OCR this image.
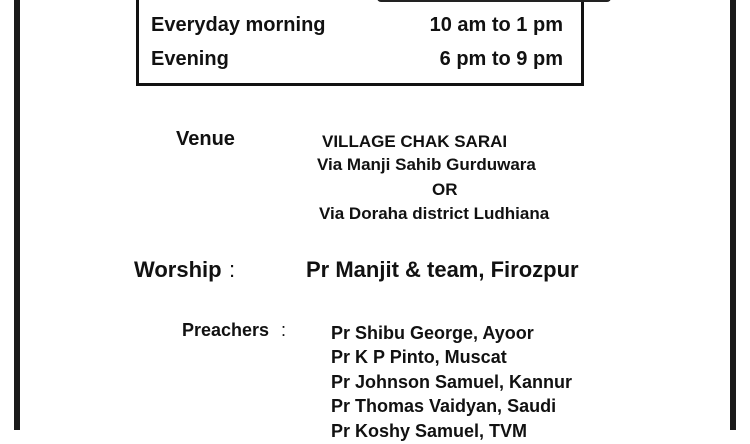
Everyday morning	10 am to 1 pm
Evening	6 pm to 9 pm
Venue	VILLAGE CHAK SARAI
Via Manji Sahib Gurduwara
OR
Via Doraha district Ludhiana
Worship :	Pr Manjit & team, Firozpur
Preachers : Pr Shibu George, Ayoor
Pr K P Pinto, Muscat
Pr Johnson Samuel, Kannur
Pr Thomas Vaidyan, Saudi
Pr Koshy Samuel, TVM
